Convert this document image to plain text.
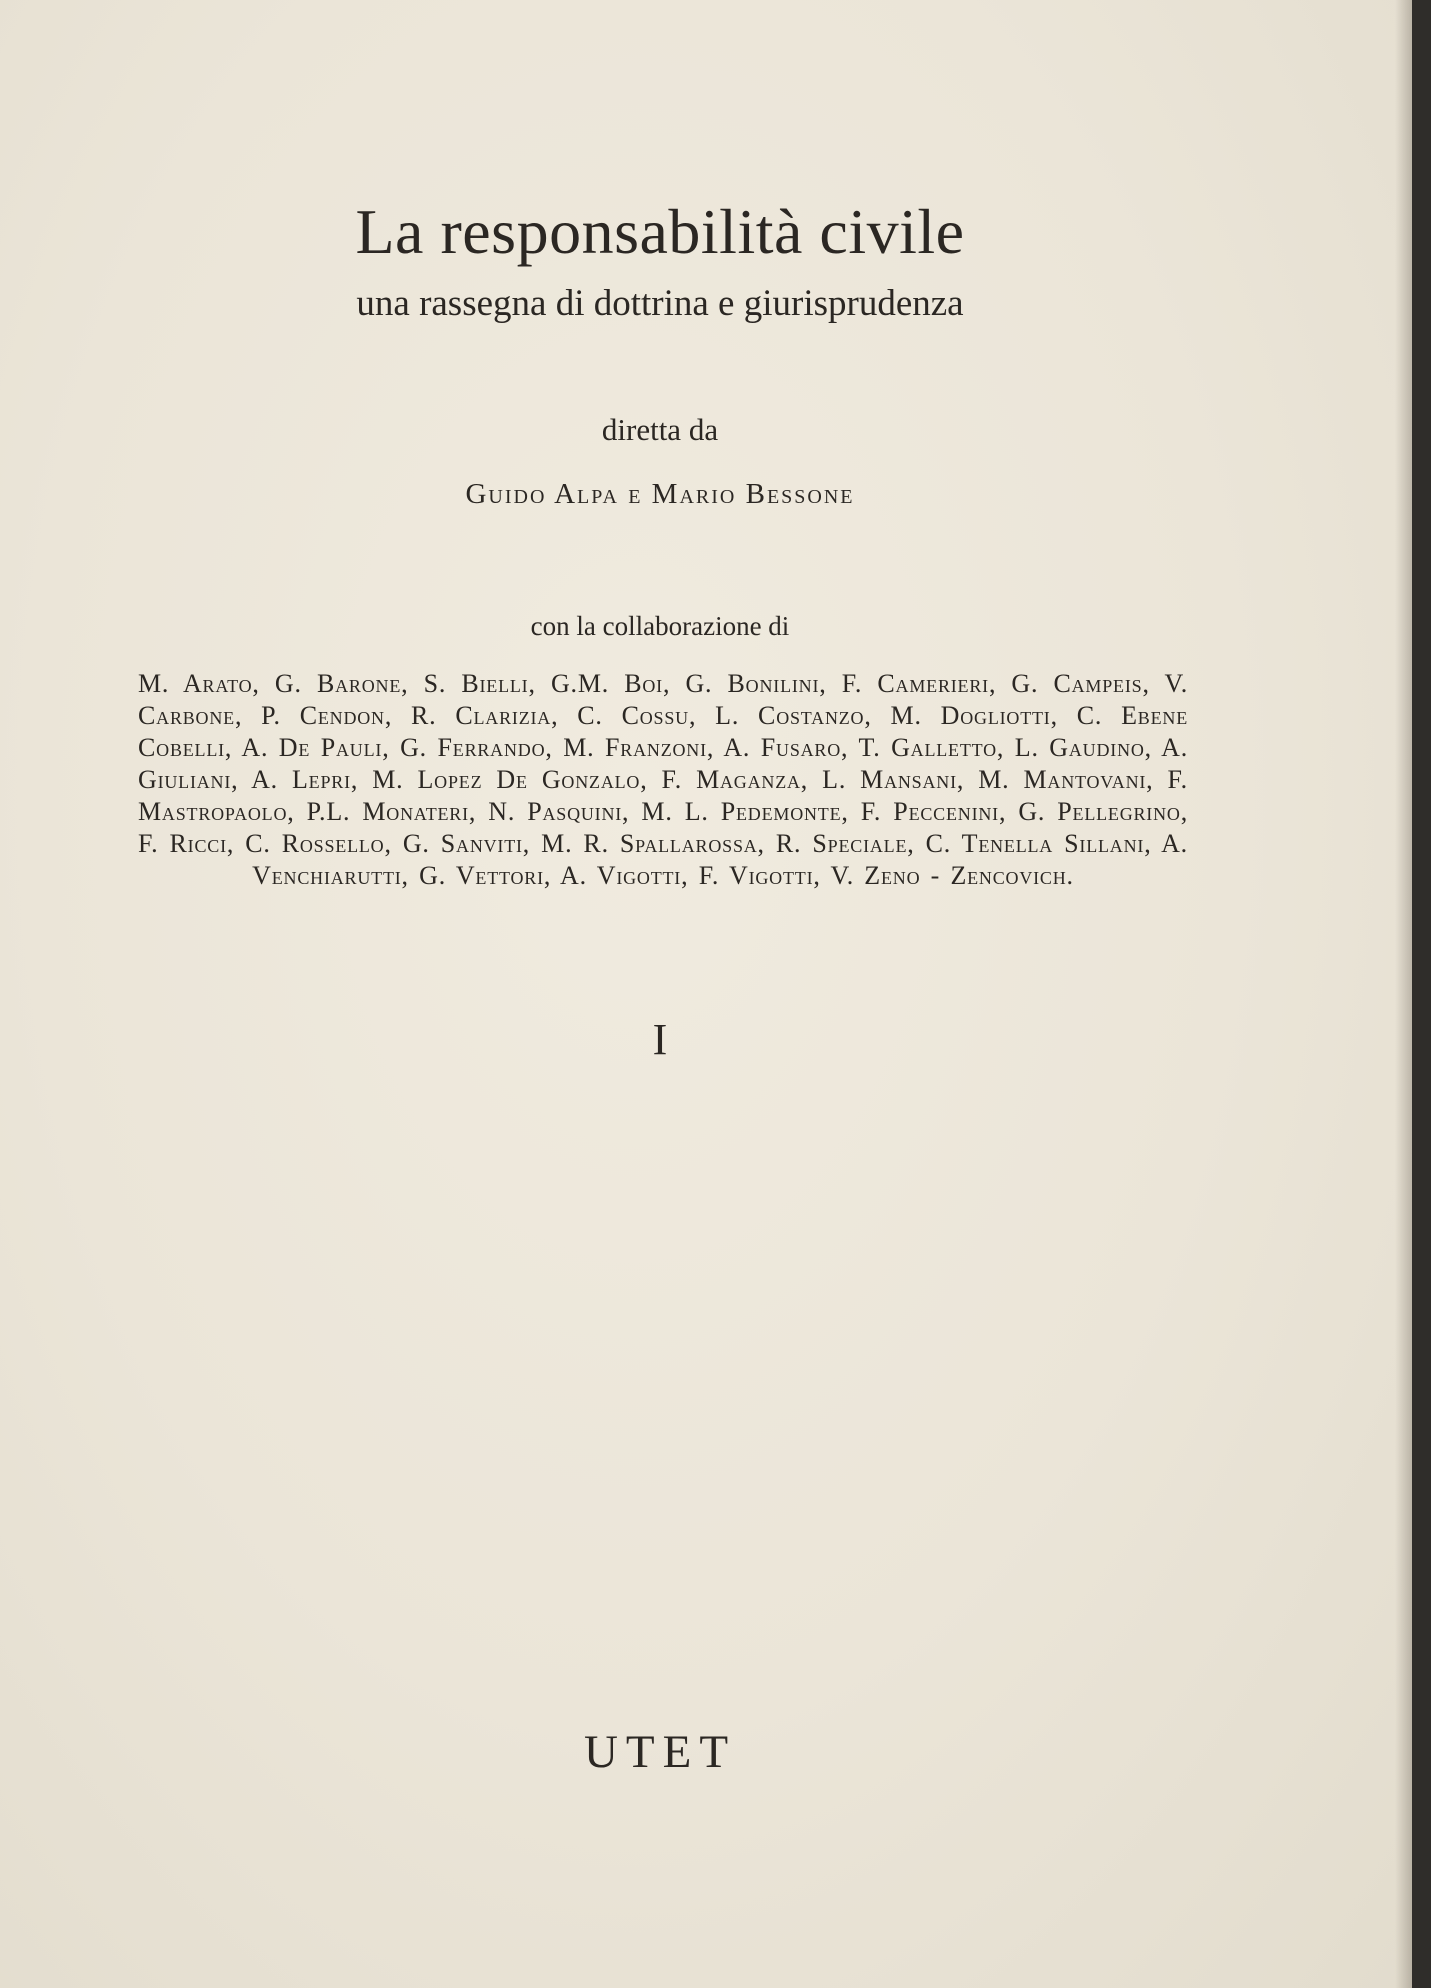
La responsabilità civile
una rassegna di dottrina e giurisprudenza
diretta da
Guido Alpa e Mario Bessone
con la collaborazione di
M. Arato, G. Barone, S. Bielli, G.M. Boi, G. Bonilini, F. Camerieri, G. Campeis, V. Carbone, P. Cendon, R. Clarizia, C. Cossu, L. Costanzo, M. Dogliotti, C. Ebene Cobelli, A. De Pauli, G. Ferrando, M. Franzoni, A. Fusaro, T. Galletto, L. Gaudino, A. Giuliani, A. Lepri, M. Lopez De Gonzalo, F. Maganza, L. Mansani, M. Mantovani, F. Mastropaolo, P.L. Monateri, N. Pasquini, M. L. Pedemonte, F. Peccenini, G. Pellegrino, F. Ricci, C. Rossello, G. Sanviti, M. R. Spallarossa, R. Speciale, C. Tenella Sillani, A. Venchiarutti, G. Vettori, A. Vigotti, F. Vigotti, V. Zeno - Zencovich.
I
UTET
